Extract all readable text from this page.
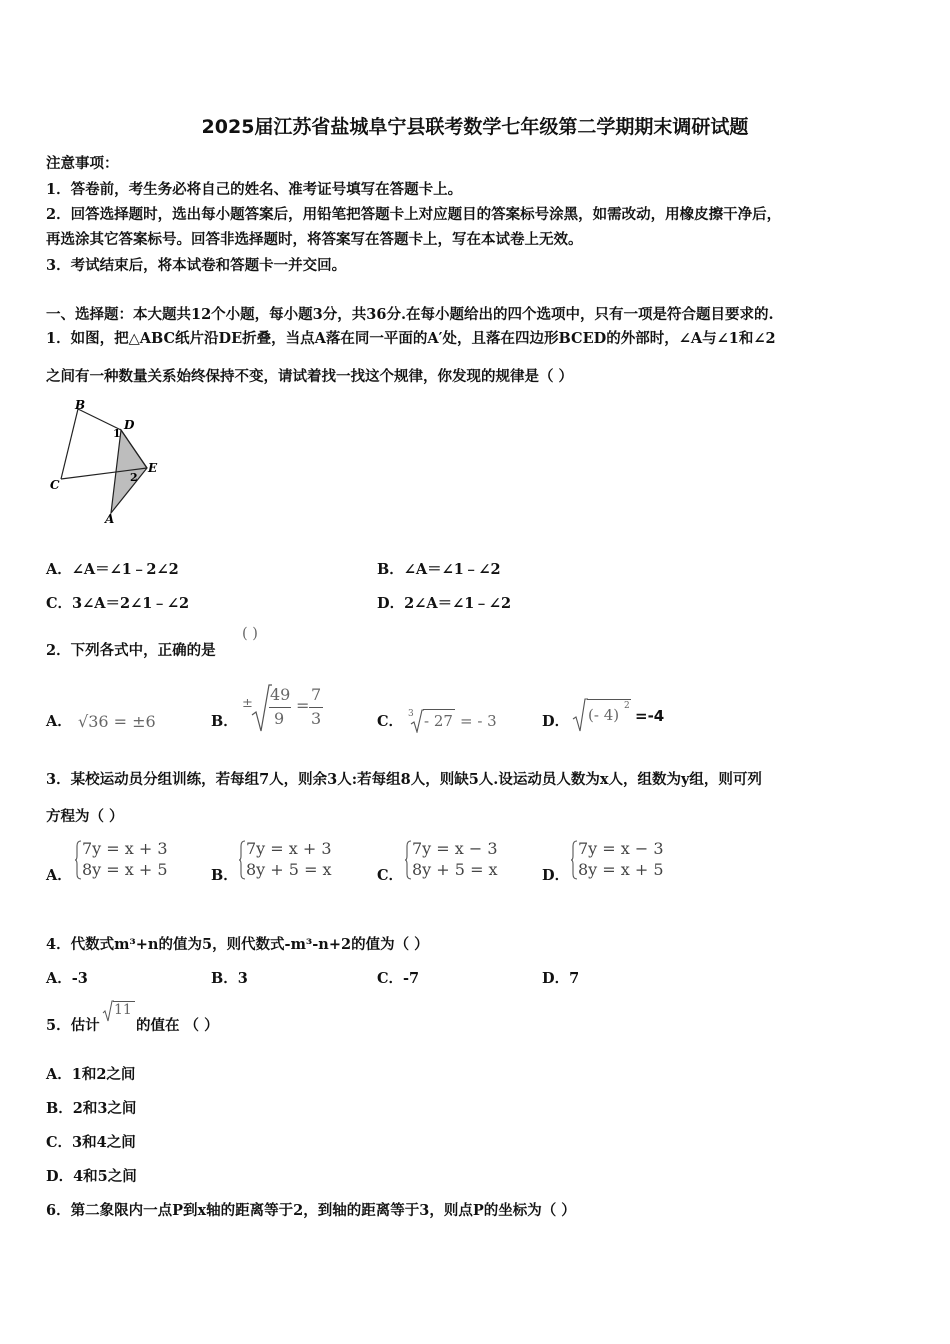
2025届江苏省盐城阜宁县联考数学七年级第二学期期末调研试题
注意事项：
1．答卷前，考生务必将自己的姓名、准考证号填写在答题卡上。
2．回答选择题时，选出每小题答案后，用铅笔把答题卡上对应题目的答案标号涂黑，如需改动，用橡皮擦干净后，
再选涂其它答案标号。回答非选择题时，将答案写在答题卡上，写在本试卷上无效。
3．考试结束后，将本试卷和答题卡一并交回。
一、选择题：本大题共12个小题，每小题3分，共36分.在每小题给出的四个选项中，只有一项是符合题目要求的.
1．如图，把△ABC纸片沿DE折叠，当点A落在同一平面的A′处，且落在四边形BCED的外部时，∠A与∠1和∠2
之间有一种数量关系始终保持不变，请试着找一找这个规律，你发现的规律是（ ）
B
D
1
E
2
C
A
A．∠A＝∠1﹣2∠2	B．∠A＝∠1﹣∠2
C．3∠A＝2∠1﹣∠2	D．2∠A＝∠1﹣∠2
2．下列各式中，正确的是
( )
A． √36 = ±6	B．
± 49
9
=
7
3	C． 3 - 27 = - 3	D． (- 4) 2
=-4
3．某校运动员分组训练，若每组7人，则余3人:若每组8人，则缺5人.设运动员人数为x人，组数为y组，则可列
方程为（ ）
A．
7y = x + 3
8y = x + 5	B．
7y = x + 3
8y + 5 = x	C．
7y = x − 3
8y + 5 = x	D．
7y = x − 3
8y = x + 5
4．代数式m³+n的值为5，则代数式-m³-n+2的值为（ ）
A．-3	B．3	C．-7	D．7
5．估计
11
的值在 （ ）
A．1和2之间
B．2和3之间
C．3和4之间
D．4和5之间
6．第二象限内一点P到x轴的距离等于2，到轴的距离等于3，则点P的坐标为（ ）
